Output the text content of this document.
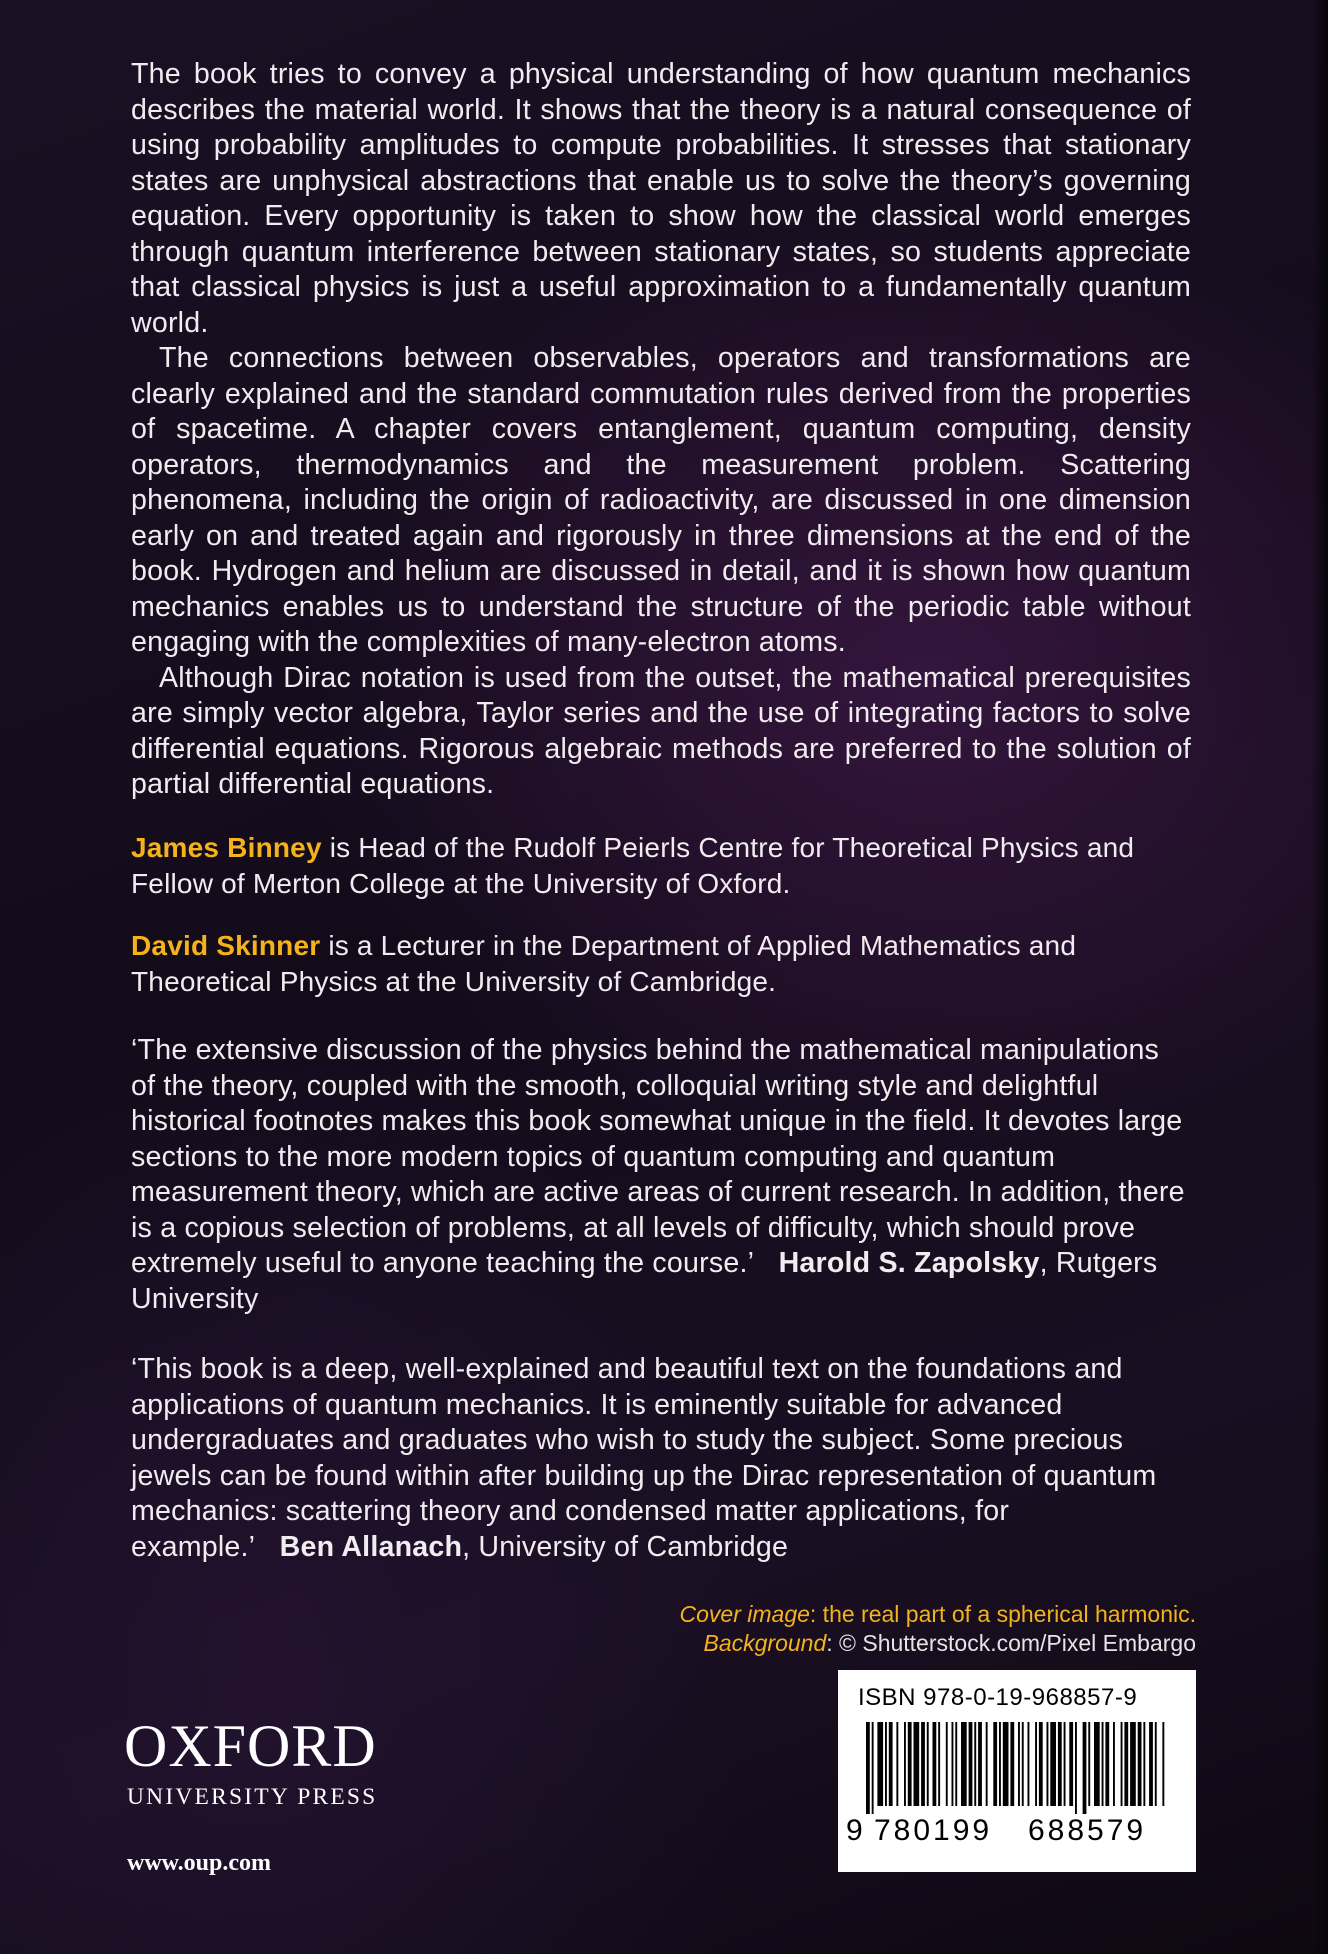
The book tries to convey a physical understanding of how quantum mechanics describes the material world. It shows that the theory is a natural consequence of using probability amplitudes to compute probabilities. It stresses that stationary states are unphysical abstractions that enable us to solve the theory’s governing equation. Every opportunity is taken to show how the classical world emerges through quantum interference between stationary states, so students appreciate that classical physics is just a useful approximation to a fundamentally quantum world.

The connections between observables, operators and transformations are clearly explained and the standard commutation rules derived from the properties of spacetime. A chapter covers entanglement, quantum computing, density operators, thermodynamics and the measurement problem. Scattering phenomena, including the origin of radioactivity, are discussed in one dimension early on and treated again and rigorously in three dimensions at the end of the book. Hydrogen and helium are discussed in detail, and it is shown how quantum mechanics enables us to understand the structure of the periodic table without engaging with the complexities of many-electron atoms.

Although Dirac notation is used from the outset, the mathematical prerequisites are simply vector algebra, Taylor series and the use of integrating factors to solve differential equations. Rigorous algebraic methods are preferred to the solution of partial differential equations.

James Binney is Head of the Rudolf Peierls Centre for Theoretical Physics and Fellow of Merton College at the University of Oxford.
David Skinner is a Lecturer in the Department of Applied Mathematics and Theoretical Physics at the University of Cambridge.
‘The extensive discussion of the physics behind the mathematical manipulations of the theory, coupled with the smooth, colloquial writing style and delightful historical footnotes makes this book somewhat unique in the field. It devotes large sections to the more modern topics of quantum computing and quantum measurement theory, which are active areas of current research. In addition, there is a copious selection of problems, at all levels of difficulty, which should prove extremely useful to anyone teaching the course.’ Harold S. Zapolsky, Rutgers University
‘This book is a deep, well-explained and beautiful text on the foundations and applications of quantum mechanics. It is eminently suitable for advanced undergraduates and graduates who wish to study the subject. Some precious jewels can be found within after building up the Dirac representation of quantum mechanics: scattering theory and condensed matter applications, for example.’ Ben Allanach, University of Cambridge
Cover image: the real part of a spherical harmonic.
Background: © Shutterstock.com/Pixel Embargo
ISBN 978-0-19-968857-9
9 780199 688579
OXFORD
UNIVERSITY PRESS
www.oup.com
